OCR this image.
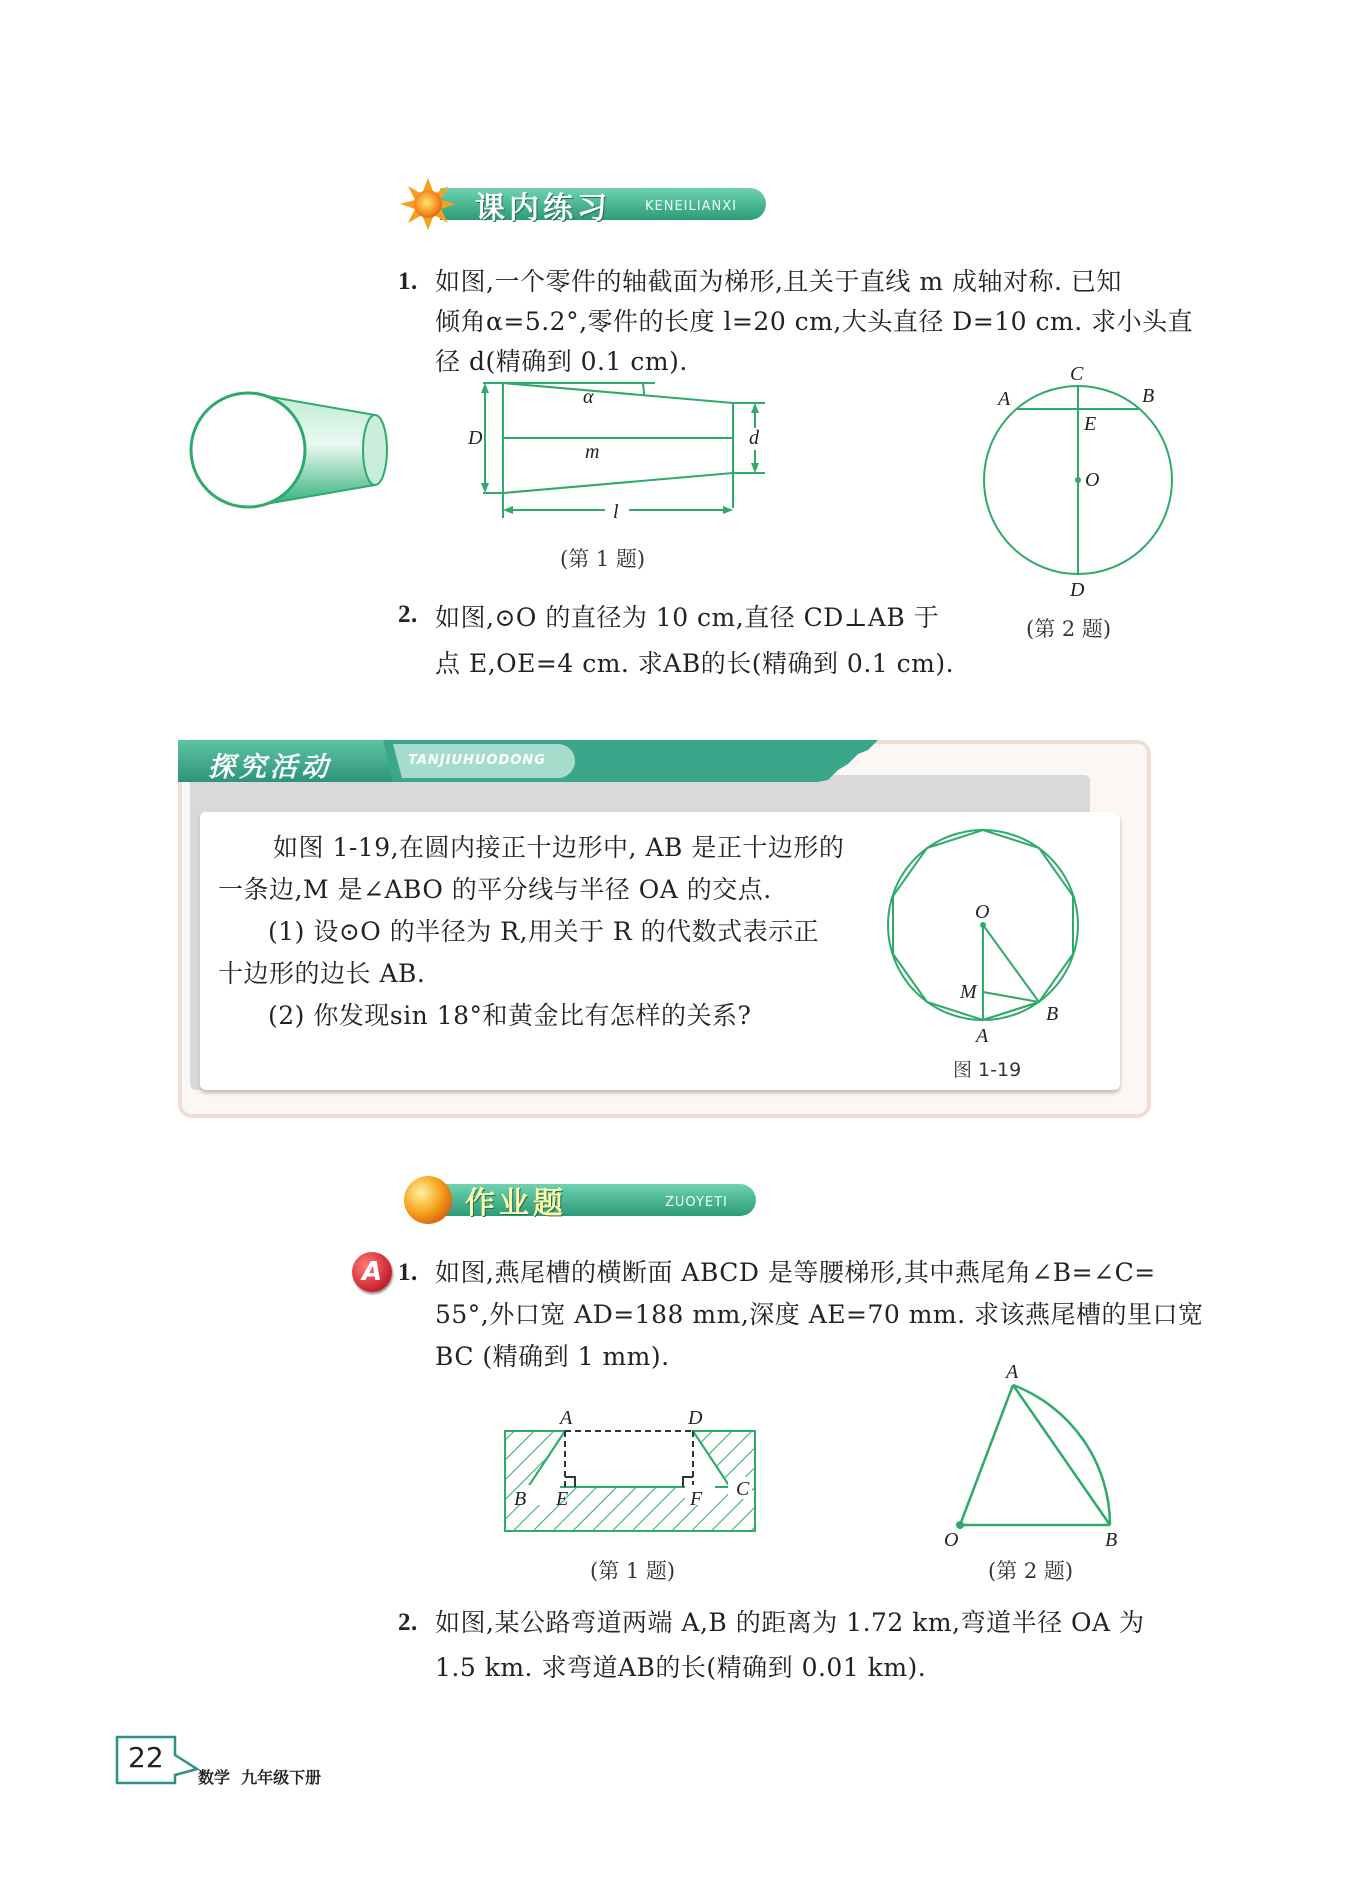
课内练习	KENEILIANXI
1. 如图,一个零件的轴截面为梯形,且关于直线 m 成轴对称. 已知
倾角α=5.2°,零件的长度 l=20 cm,大头直径 D=10 cm. 求小头直
径 d(精确到 0.1 cm).
α
D
m
d
l
(第 1 题)
C
A	B
E
O
D
(第 2 题)
2. 如图,⊙O 的直径为 10 cm,直径 CD⊥AB 于
点 E,OE=4 cm. 求AB的长(精确到 0.1 cm).
探究活动	TANJIUHUODONG
如图 1-19,在圆内接正十边形中, AB 是正十边形的
一条边,M 是∠ABO 的平分线与半径 OA 的交点.
(1) 设⊙O 的半径为 R,用关于 R 的代数式表示正
十边形的边长 AB.
(2) 你发现sin 18°和黄金比有怎样的关系?
O
M
A
B
图 1-19
作业题	ZUOYETI
A 1. 如图,燕尾槽的横断面 ABCD 是等腰梯形,其中燕尾角∠B=∠C=
55°,外口宽 AD=188 mm,深度 AE=70 mm. 求该燕尾槽的里口宽
BC (精确到 1 mm).
A	D
B E	F C
(第 1 题)
A
O	B
(第 2 题)
2. 如图,某公路弯道两端 A,B 的距离为 1.72 km,弯道半径 OA 为
1.5 km. 求弯道AB的长(精确到 0.01 km).
22
数学  九年级下册
